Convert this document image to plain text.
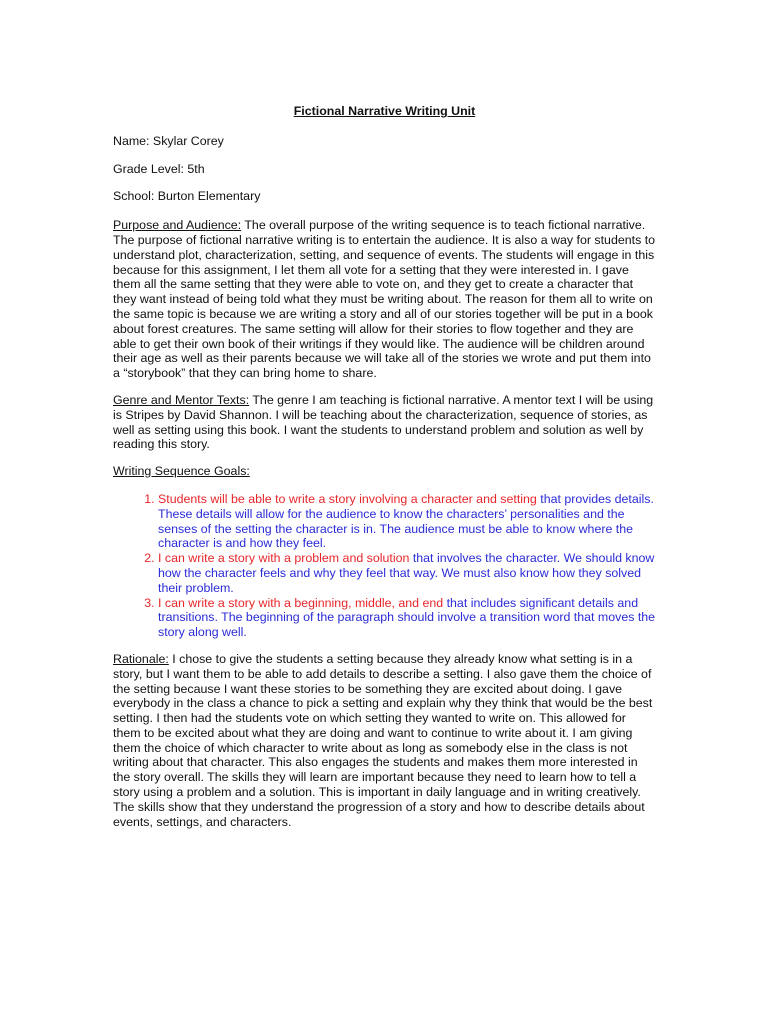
Fictional Narrative Writing Unit
Name: Skylar Corey
Grade Level: 5th
School: Burton Elementary

Purpose and Audience: The overall purpose of the writing sequence is to teach fictional narrative. The purpose of fictional narrative writing is to entertain the audience. It is also a way for students to understand plot, characterization, setting, and sequence of events. The students will engage in this because for this assignment, I let them all vote for a setting that they were interested in. I gave them all the same setting that they were able to vote on, and they get to create a character that they want instead of being told what they must be writing about. The reason for them all to write on the same topic is because we are writing a story and all of our stories together will be put in a book about forest creatures. The same setting will allow for their stories to flow together and they are able to get their own book of their writings if they would like. The audience will be children around their age as well as their parents because we will take all of the stories we wrote and put them into a “storybook” that they can bring home to share.

Genre and Mentor Texts: The genre I am teaching is fictional narrative. A mentor text I will be using is Stripes by David Shannon. I will be teaching about the characterization, sequence of stories, as well as setting using this book. I want the students to understand problem and solution as well by reading this story.

Writing Sequence Goals:
1. Students will be able to write a story involving a character and setting that provides details. These details will allow for the audience to know the characters’ personalities and the senses of the setting the character is in. The audience must be able to know where the character is and how they feel.
2. I can write a story with a problem and solution that involves the character. We should know how the character feels and why they feel that way. We must also know how they solved their problem.
3. I can write a story with a beginning, middle, and end that includes significant details and transitions. The beginning of the paragraph should involve a transition word that moves the story along well.

Rationale: I chose to give the students a setting because they already know what setting is in a story, but I want them to be able to add details to describe a setting. I also gave them the choice of the setting because I want these stories to be something they are excited about doing. I gave everybody in the class a chance to pick a setting and explain why they think that would be the best setting. I then had the students vote on which setting they wanted to write on. This allowed for them to be excited about what they are doing and want to continue to write about it. I am giving them the choice of which character to write about as long as somebody else in the class is not writing about that character. This also engages the students and makes them more interested in the story overall. The skills they will learn are important because they need to learn how to tell a story using a problem and a solution. This is important in daily language and in writing creatively. The skills show that they understand the progression of a story and how to describe details about events, settings, and characters.
